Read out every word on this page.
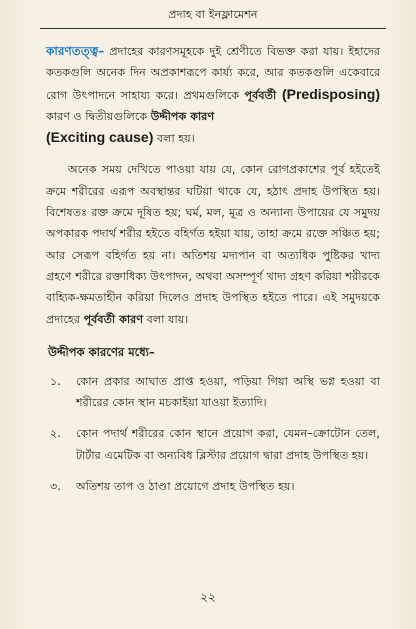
প্রদাহ বা ইনফ্লামেশন

কারণতত্ত্ব– প্রদাহের কারণসমূহকে দুই শ্রেণীতে বিভক্ত করা যায়। ইহাদের কতকগুলি অনেক দিন অপ্রকাশরূপে কার্য্য করে, আর কতকগুলি একেবারে রোগ উৎপাদনে সাহায্য করে। প্রথমগুলিকে পূর্ববর্তী (Predisposing) কারণ ও দ্বিতীয়গুলিকে উদ্দীপক কারণ
(Exciting cause) বলা হয়।

অনেক সময় দেখিতে পাওয়া যায় যে, কোন রোগপ্রকাশের পূর্ব হইতেই ক্রমে শরীরের এরূপ অবস্থান্তর ঘটিয়া থাকে যে, হঠাৎ প্রদাহ উপস্থিত হয়। বিশেষতঃ রক্ত ক্রমে দূষিত হয়; ঘর্ম, মল, মূত্র ও অন্যান্য উপায়ের যে সমুদয় অপকারক পদার্থ শরীর হইতে বহির্গত হইয়া যায়, তাহা ক্রমে রক্তে সঞ্চিত হয়; আর সেরূপ বহির্গত হয় না। অতিশয় মদ্যপান বা অত্যধিক পুষ্টিকর খাদ্য গ্রহণে শরীরে রক্তাধিক্য উৎপাদন, অথবা অসম্পূর্ণ খাদ্য গ্রহণ করিয়া শরীরকে বাহ্যিক-ক্ষমতাহীন করিয়া দিলেও প্রদাহ উপস্থিত হইতে পারে। এই সমুদয়কে প্রদাহের পূর্ববর্তী কারণ বলা যায়।

উদ্দীপক কারণের মধ্যে–
১.	কোন প্রকার আঘাত প্রাপ্ত হওয়া, পড়িয়া গিয়া অস্থি ভগ্ন হওয়া বা শরীরের কোন স্থান মচকাইয়া যাওয়া ইত্যাদি।
২.	কোন পদার্থ শরীরের কোন স্থানে প্রয়োগ করা, যেমন–ক্রোটোন তেল, টার্টার এমেটিক বা অন্যবিধ ব্লিস্টার প্রয়োগ দ্বারা প্রদাহ উপস্থিত হয়।
৩.	অতিশয় তাপ ও ঠাণ্ডা প্রয়োগে প্রদাহ উপস্থিত হয়।
২২
